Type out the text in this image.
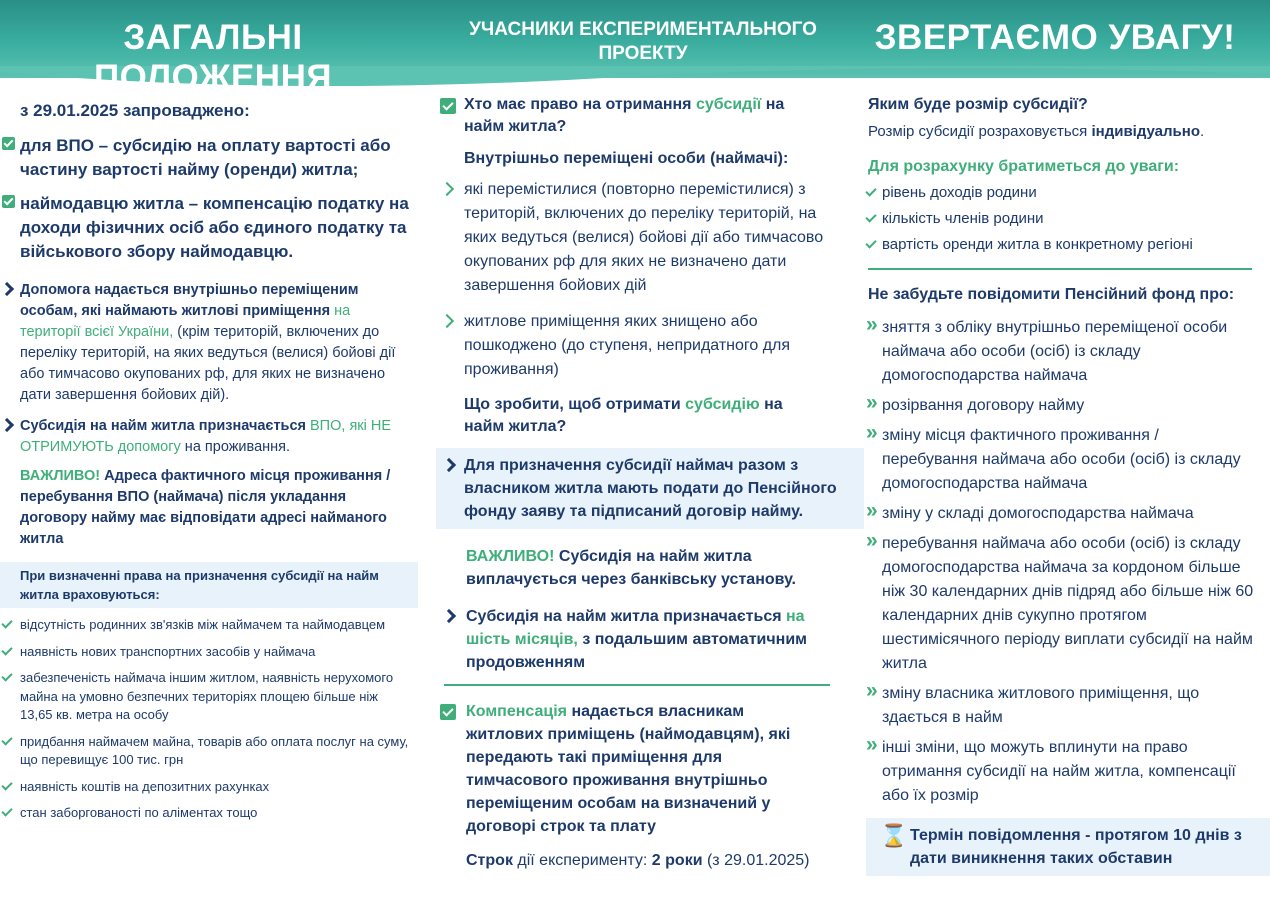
ЗАГАЛЬНІ ПОЛОЖЕННЯ
УЧАСНИКИ ЕКСПЕРИМЕНТАЛЬНОГО
ПРОЕКТУ	ЗВЕРТАЄМО УВАГУ!
з 29.01.2025 запроваджено:
для ВПО – субсидію на оплату вартості або частину вартості найму (оренди) житла;
наймодавцю житла – компенсацію податку на доходи фізичних осіб або єдиного податку та військового збору наймодавцю.
Допомога надається внутрішньо переміщеним особам, які наймають житлові приміщення на території всієї України, (крім територій, включених до переліку територій, на яких ведуться (велися) бойові дії або тимчасово окупованих рф, для яких не визначено дати завершення бойових дій).
Субсидія на найм житла призначається ВПО, які НЕ ОТРИМУЮТЬ допомогу на проживання.
ВАЖЛИВО! Адреса фактичного місця проживання / перебування ВПО (наймача) після укладання договору найму має відповідати адресі найманого житла
При визначенні права на призначення субсидії на найм житла враховуються:
відсутність родинних зв'язків між наймачем та наймодавцем
наявність нових транспортних засобів у наймача
забезпеченість наймача іншим житлом, наявність нерухомого майна на умовно безпечних територіях площею більше ніж 13,65 кв. метра на особу
придбання наймачем майна, товарів або оплата послуг на суму, що перевищує 100 тис. грн
наявність коштів на депозитних рахунках
стан заборгованості по аліментах тощо
Хто має право на отримання субсидії на найм житла?
Внутрішньо переміщені особи (наймачі):
які перемістилися (повторно перемістилися) з територій, включених до переліку територій, на яких ведуться (велися) бойові дії або тимчасово окупованих рф для яких не визначено дати завершення бойових дій
житлове приміщення яких знищено або пошкоджено (до ступеня, непридатного для проживання)
Що зробити, щоб отримати субсидію на найм житла?
Для призначення субсидії наймач разом з власником житла мають подати до Пенсійного фонду заяву та підписаний договір найму.
ВАЖЛИВО! Субсидія на найм житла виплачується через банківську установу.
Субсидія на найм житла призначається на шість місяців, з подальшим автоматичним продовженням
Компенсація надається власникам житлових приміщень (наймодавцям), які передають такі приміщення для тимчасового проживання внутрішньо переміщеним особам на визначений у договорі строк та плату
Строк дії експерименту: 2 роки (з 29.01.2025)
Яким буде розмір субсидії?
Розмір субсидії розраховується індивідуально.
Для розрахунку братиметься до уваги:
рівень доходів родини
кількість членів родини
вартість оренди житла в конкретному регіоні
Не забудьте повідомити Пенсійний фонд про:
» зняття з обліку внутрішньо переміщеної особи наймача або особи (осіб) із складу домогосподарства наймача
» розірвання договору найму
» зміну місця фактичного проживання / перебування наймача або особи (осіб) із складу домогосподарства наймача
» зміну у складі домогосподарства наймача
» перебування наймача або особи (осіб) із складу домогосподарства наймача за кордоном більше ніж 30 календарних днів підряд або більше ніж 60 календарних днів сукупно протягом шестимісячного періоду виплати субсидії на найм житла
» зміну власника житлового приміщення, що здається в найм
» інші зміни, що можуть вплинути на право отримання субсидії на найм житла, компенсації або їх розмір
⌛ Термін повідомлення - протягом 10 днів з дати виникнення таких обставин
